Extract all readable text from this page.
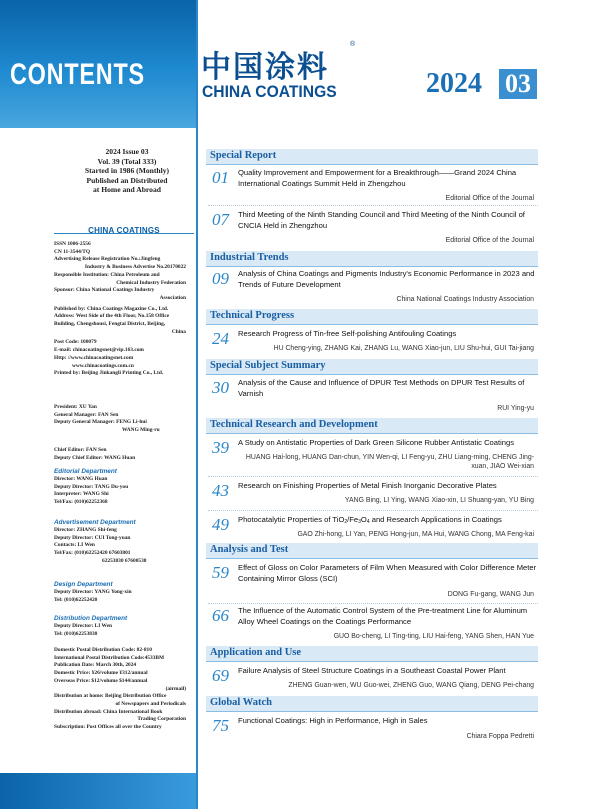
CONTENTS
2024 Issue 03
Vol. 39 (Total 333)
Started in 1986 (Monthly)
Published an Distributed
at Home and Abroad
CHINA COATINGS
ISSN 1006-2556
CN 11-3544/TQ
Advertising Release Registration No.:Jingfeng
Industry & Business Advertise No.20170022
Responsible Institution: China Petroleum and
Chemical Industry Federation
Sponsor: China National Coatings Industry
Association
Published by: China Coatings Magazine Co., Ltd.
Address: West Side of the 4th Floor, No.158 Office
Building, Chengshousi, Fengtai District, Beijing,
China
Post Code: 100079
E-mail: chinacoatingsnet@vip.163.com
Http: //www.chinacoatingsnet.com
www.chinacoatings.com.cn
Printed by: Beijing Jinkangli Printing Co., Ltd.
President: XU Yan
General Manager: FAN Sen
Deputy General Manager: FENG Li-hui
WANG Ming-ru
Chief Editor: FAN Sen
Deputy Chief Editor: WANG Huan
Editorial Department
Director: WANG Huan
Deputy Director: TANG Du-you
Interpreter: WANG Shi
Tel/Fax: (010)62252368
Advertisement Department
Director: ZHANG Shi-feng
Deputy Director: CUI Tong-yuan
Contacts: LI Wen
Tel/Fax: (010)62252420 67603801
62253830 67600538
Design Department
Deputy Director: YANG Yong-xin
Tel: (010)62252420
Distribution Department
Deputy Director: LI Wen
Tel: (010)62253830
Domestic Postal Distribution Code: 82-810
International Postal Distribution Code:4533BM
Publication Date: March 30th, 2024
Domestic Price: ¥26/volume ¥312/annual
Overseas Price: $12/volume $144/annual
(airmail)
Distribution at home: Beijing Distribution Office
of Newspapers and Periodicals
Distribution abroad: China International Book
Trading Corporation
Subscription: Post Offices all over the Country
中国涂料
®
CHINA COATINGS	2024 03
Special Report
Industrial Trends
Technical Progress
Special Subject Summary
Technical Research and Development
Analysis and Test
Application and Use
Global Watch
01 Quality Improvement and Empowerment for a Breakthrough——Grand 2024 China International Coatings Summit Held in Zhengzhou
Editorial Office of the Journal
07 Third Meeting of the Ninth Standing Council and Third Meeting of the Ninth Council of CNCIA Held in Zhengzhou
Editorial Office of the Journal
09 Analysis of China Coatings and Pigments Industry's Economic Performance in 2023 and Trends of Future Development
China National Coatings Industry Association
24 Research Progress of Tin-free Self-polishing Antifouling Coatings
HU Cheng-ying, ZHANG Kai, ZHANG Lu, WANG Xiao-jun, LIU Shu-hui, GUI Tai-jiang
30 Analysis of the Cause and Influence of DPUR Test Methods on DPUR Test Results of Varnish
RUI Ying-yu
39 A Study on Antistatic Properties of Dark Green Silicone Rubber Antistatic Coatings
HUANG Hai-long, HUANG Dan-chun, YIN Wen-qi, LI Feng-yu, ZHU Liang-ming, CHENG Jing-xuan, JIAO Wei-xian
43 Research on Finishing Properties of Metal Finish Inorganic Decorative Plates
YANG Bing, LI Ying, WANG Xiao-xin, LI Shuang-yan, YU Bing
49 Photocatalytic Properties of $TiO_2/Fe_3O_4$ and Research Applications in Coatings
GAO Zhi-hong, LI Yan, PENG Hong-jun, MA Hui, WANG Chong, MA Feng-kai
59 Effect of Gloss on Color Parameters of Film When Measured with Color Difference Meter Containing Mirror Gloss (SCI)
DONG Fu-gang, WANG Jun
66 The Influence of the Automatic Control System of the Pre-treatment Line for Aluminum Alloy Wheel Coatings on the Coatings Performance
GUO Bo-cheng, LI Ting-ting, LIU Hai-feng, YANG Shen, HAN Yue
69 Failure Analysis of Steel Structure Coatings in a Southeast Coastal Power Plant
ZHENG Guan-wen, WU Guo-wei, ZHENG Guo, WANG Qiang, DENG Pei-chang
75 Functional Coatings: High in Performance, High in Sales
Chiara Foppa Pedretti
